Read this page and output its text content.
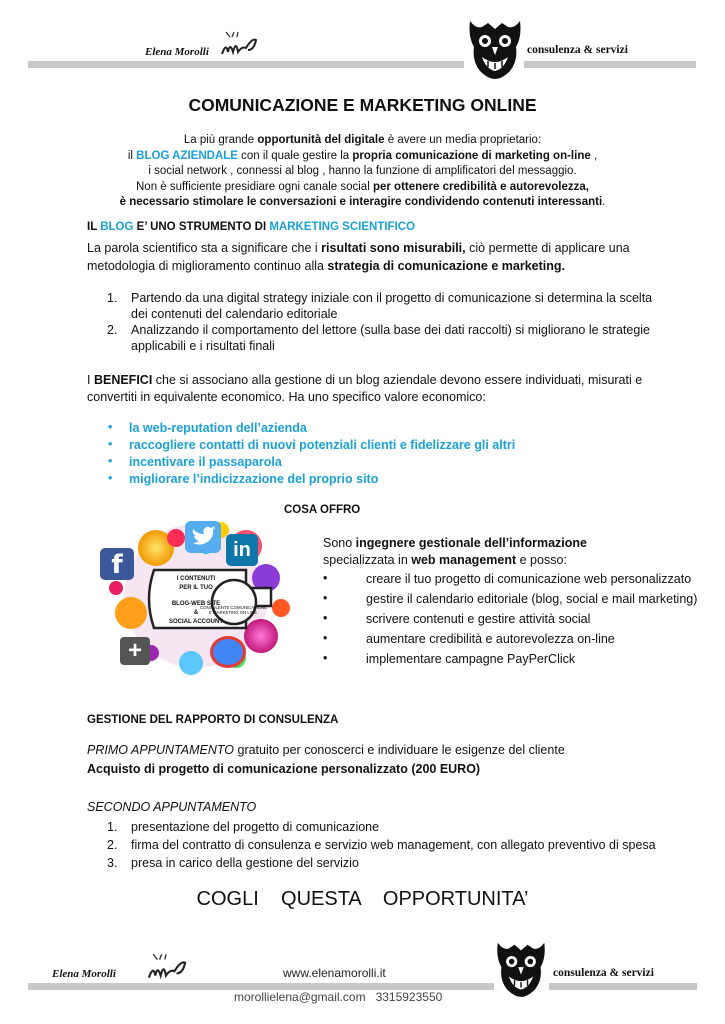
Elena Morolli	consulenza & servizi
COMUNICAZIONE E MARKETING ONLINE
La più grande opportunità del digitale è avere un media proprietario:
il BLOG AZIENDALE con il quale gestire la propria comunicazione di marketing on-line ,
i social network , connessi al blog , hanno la funzione di amplificatori del messaggio.
Non è sufficiente presidiare ogni canale social per ottenere credibilità e autorevolezza,
è necessario stimolare le conversazioni e interagire condividendo contenuti interessanti.
IL BLOG E’ UNO STRUMENTO DI MARKETING SCIENTIFICO
La parola scientifico sta a significare che i risultati sono misurabili, ciò permette di applicare una
metodologia di miglioramento continuo alla strategia di comunicazione e marketing.
1. Partendo da una digital strategy iniziale con il progetto di comunicazione si determina la scelta
dei contenuti del calendario editoriale
2. Analizzando il comportamento del lettore (sulla base dei dati raccolti) si migliorano le strategie
applicabili e i risultati finali
I BENEFICI che si associano alla gestione di un blog aziendale devono essere individuati, misurati e
convertiti in equivalente economico. Ha uno specifico valore economico:
• la web-reputation dell’azienda
• raccogliere contatti di nuovi potenziali clienti e fidelizzare gli altri
• incentivare il passaparola
• migliorare l’indicizzazione del proprio sito
COSA OFFRO
f	in
+
I CONTENUTI
PER IL TUO
BLOG-WEB SITE
&
SOCIAL ACCOUNT
CONSULENTE COMUNICAZIONE
E MARKETING ON LINE
Sono ingegnere gestionale dell’informazione
specializzata in web management e posso:
•	creare il tuo progetto di comunicazione web personalizzato
•	gestire il calendario editoriale (blog, social e mail marketing)
•	scrivere contenuti e gestire attività social
•	aumentare credibilità e autorevolezza on-line
•	implementare campagne PayPerClick
GESTIONE DEL RAPPORTO DI CONSULENZA
PRIMO APPUNTAMENTO gratuito per conoscerci e individuare le esigenze del cliente
Acquisto di progetto di comunicazione personalizzato (200 EURO)
SECONDO APPUNTAMENTO
1. presentazione del progetto di comunicazione
2. firma del contratto di consulenza e servizio web management, con allegato preventivo di spesa
3. presa in carico della gestione del servizio
COGLI    QUESTA    OPPORTUNITA’
Elena Morolli	www.elenamorolli.it	consulenza & servizi
morollielena@gmail.com 3315923550
